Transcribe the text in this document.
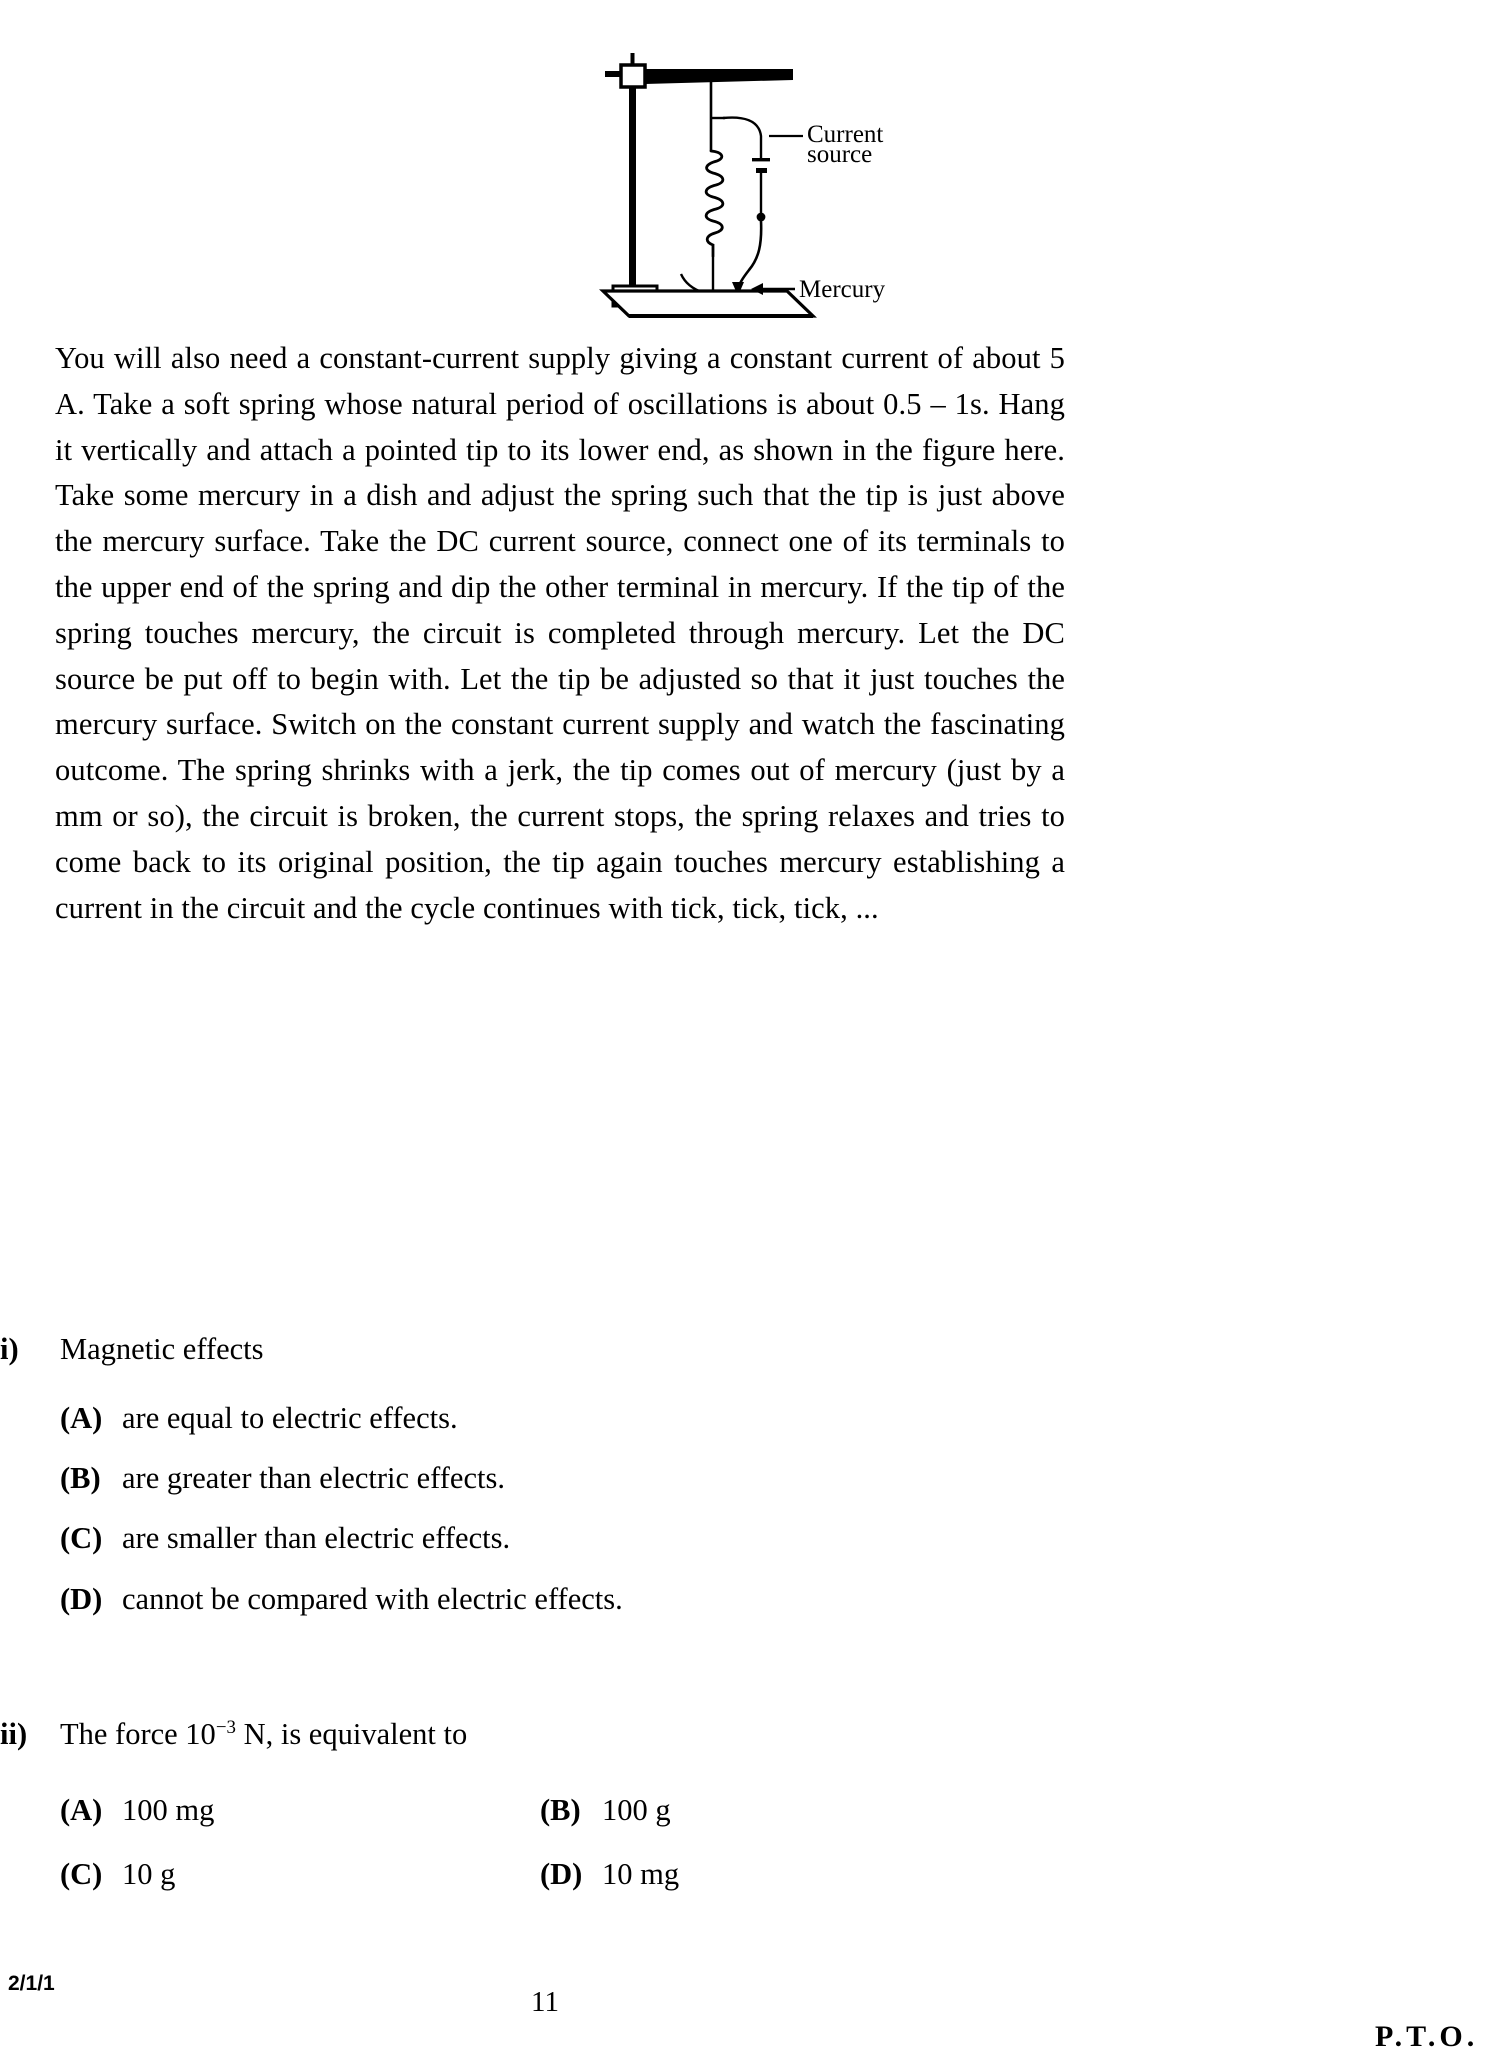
Current
source
Mercury

You will also need a constant-current supply giving a constant current of about 5 A. Take a soft spring whose natural period of oscillations is about 0.5 – 1s. Hang it vertically and attach a pointed tip to its lower end, as shown in the figure here. Take some mercury in a dish and adjust the spring such that the tip is just above the mercury surface. Take the DC current source, connect one of its terminals to the upper end of the spring and dip the other terminal in mercury. If the tip of the spring touches mercury, the circuit is completed through mercury. Let the DC source be put off to begin with. Let the tip be adjusted so that it just touches the mercury surface. Switch on the constant current supply and watch the fascinating outcome. The spring shrinks with a jerk, the tip comes out of mercury (just by a mm or so), the circuit is broken, the current stops, the spring relaxes and tries to come back to its original position, the tip again touches mercury establishing a current in the circuit and the cycle continues with tick, tick, tick, ...

i)	Magnetic effects
(A) are equal to electric effects.
(B) are greater than electric effects.
(C) are smaller than electric effects.
(D) cannot be compared with electric effects.
ii)	The force $10^{-3}$ N, is equivalent to
(A) 100 mg	(B) 100 g
(C) 10 g	(D) 10 mg
2/1/1
11
P.T.O.
